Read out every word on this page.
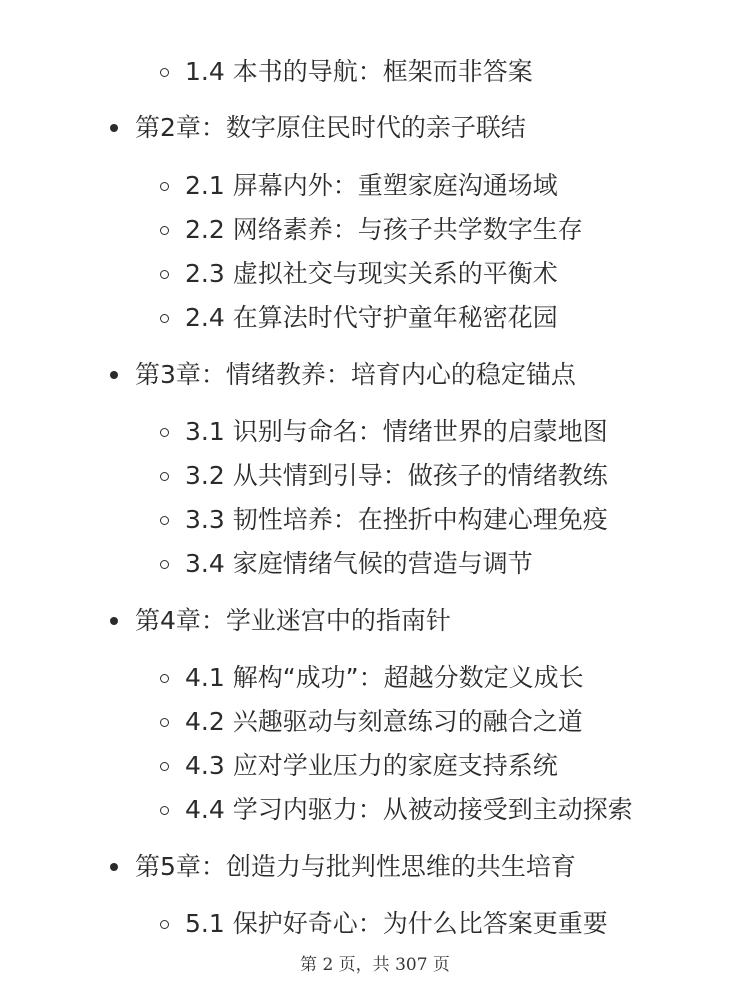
1.4 本书的导航：框架而非答案
第2章：数字原住民时代的亲子联结
2.1 屏幕内外：重塑家庭沟通场域
2.2 网络素养：与孩子共学数字生存
2.3 虚拟社交与现实关系的平衡术
2.4 在算法时代守护童年秘密花园
第3章：情绪教养：培育内心的稳定锚点
3.1 识别与命名：情绪世界的启蒙地图
3.2 从共情到引导：做孩子的情绪教练
3.3 韧性培养：在挫折中构建心理免疫
3.4 家庭情绪气候的营造与调节
第4章：学业迷宫中的指南针
4.1 解构“成功”：超越分数定义成长
4.2 兴趣驱动与刻意练习的融合之道
4.3 应对学业压力的家庭支持系统
4.4 学习内驱力：从被动接受到主动探索
第5章：创造力与批判性思维的共生培育
5.1 保护好奇心：为什么比答案更重要
第 2 页，共 307 页
